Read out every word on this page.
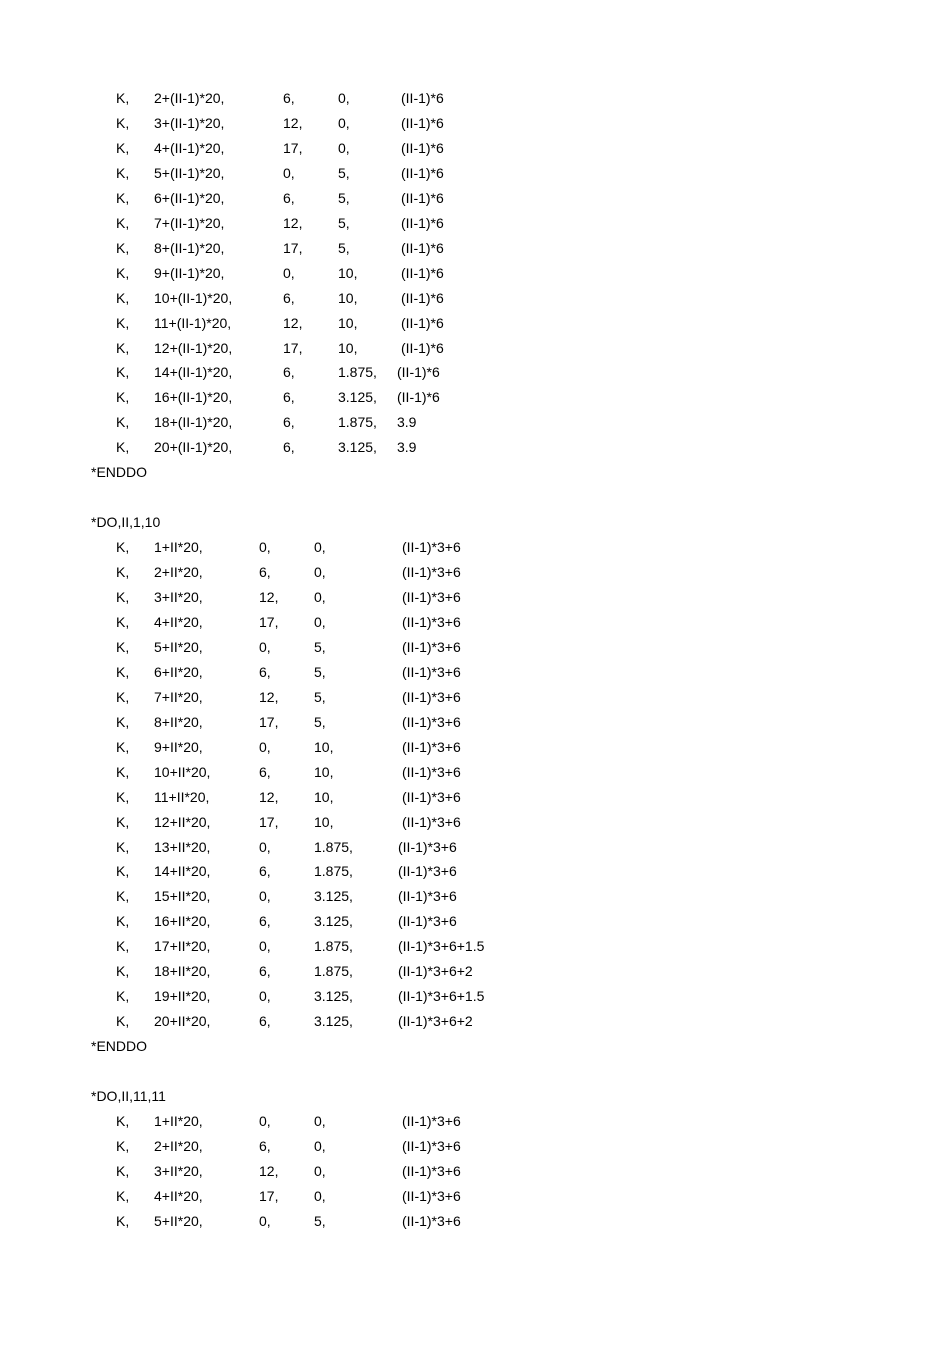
K, 2+(II-1)*20,	6,	0,	(II-1)*6
K, 3+(II-1)*20,	12,	0,	(II-1)*6
K, 4+(II-1)*20,	17,	0,	(II-1)*6
K, 5+(II-1)*20,	0,	5,	(II-1)*6
K, 6+(II-1)*20,	6,	5,	(II-1)*6
K, 7+(II-1)*20,	12,	5,	(II-1)*6
K, 8+(II-1)*20,	17,	5,	(II-1)*6
K, 9+(II-1)*20,	0,	10,	(II-1)*6
K, 10+(II-1)*20,	6,	10,	(II-1)*6
K, 11+(II-1)*20,	12,	10,	(II-1)*6
K, 12+(II-1)*20,	17,	10,	(II-1)*6
K, 14+(II-1)*20,	6,	1.875, (II-1)*6
K, 16+(II-1)*20,	6,	3.125, (II-1)*6
K, 18+(II-1)*20,	6,	1.875, 3.9
K, 20+(II-1)*20,	6,	3.125, 3.9
*ENDDO
*DO,II,1,10
K, 1+II*20,	0,	0,	(II-1)*3+6
K, 2+II*20,	6,	0,	(II-1)*3+6
K, 3+II*20,	12,	0,	(II-1)*3+6
K, 4+II*20,	17,	0,	(II-1)*3+6
K, 5+II*20,	0,	5,	(II-1)*3+6
K, 6+II*20,	6,	5,	(II-1)*3+6
K, 7+II*20,	12,	5,	(II-1)*3+6
K, 8+II*20,	17,	5,	(II-1)*3+6
K, 9+II*20,	0,	10,	(II-1)*3+6
K, 10+II*20,	6,	10,	(II-1)*3+6
K, 11+II*20,	12,	10,	(II-1)*3+6
K, 12+II*20,	17,	10,	(II-1)*3+6
K, 13+II*20,	0,	1.875,	(II-1)*3+6
K, 14+II*20,	6,	1.875,	(II-1)*3+6
K, 15+II*20,	0,	3.125,	(II-1)*3+6
K, 16+II*20,	6,	3.125,	(II-1)*3+6
K, 17+II*20,	0,	1.875,	(II-1)*3+6+1.5
K, 18+II*20,	6,	1.875,	(II-1)*3+6+2
K, 19+II*20,	0,	3.125,	(II-1)*3+6+1.5
K, 20+II*20,	6,	3.125,	(II-1)*3+6+2
*ENDDO
*DO,II,11,11
K, 1+II*20,	0,	0,	(II-1)*3+6
K, 2+II*20,	6,	0,	(II-1)*3+6
K, 3+II*20,	12,	0,	(II-1)*3+6
K, 4+II*20,	17,	0,	(II-1)*3+6
K, 5+II*20,	0,	5,	(II-1)*3+6
